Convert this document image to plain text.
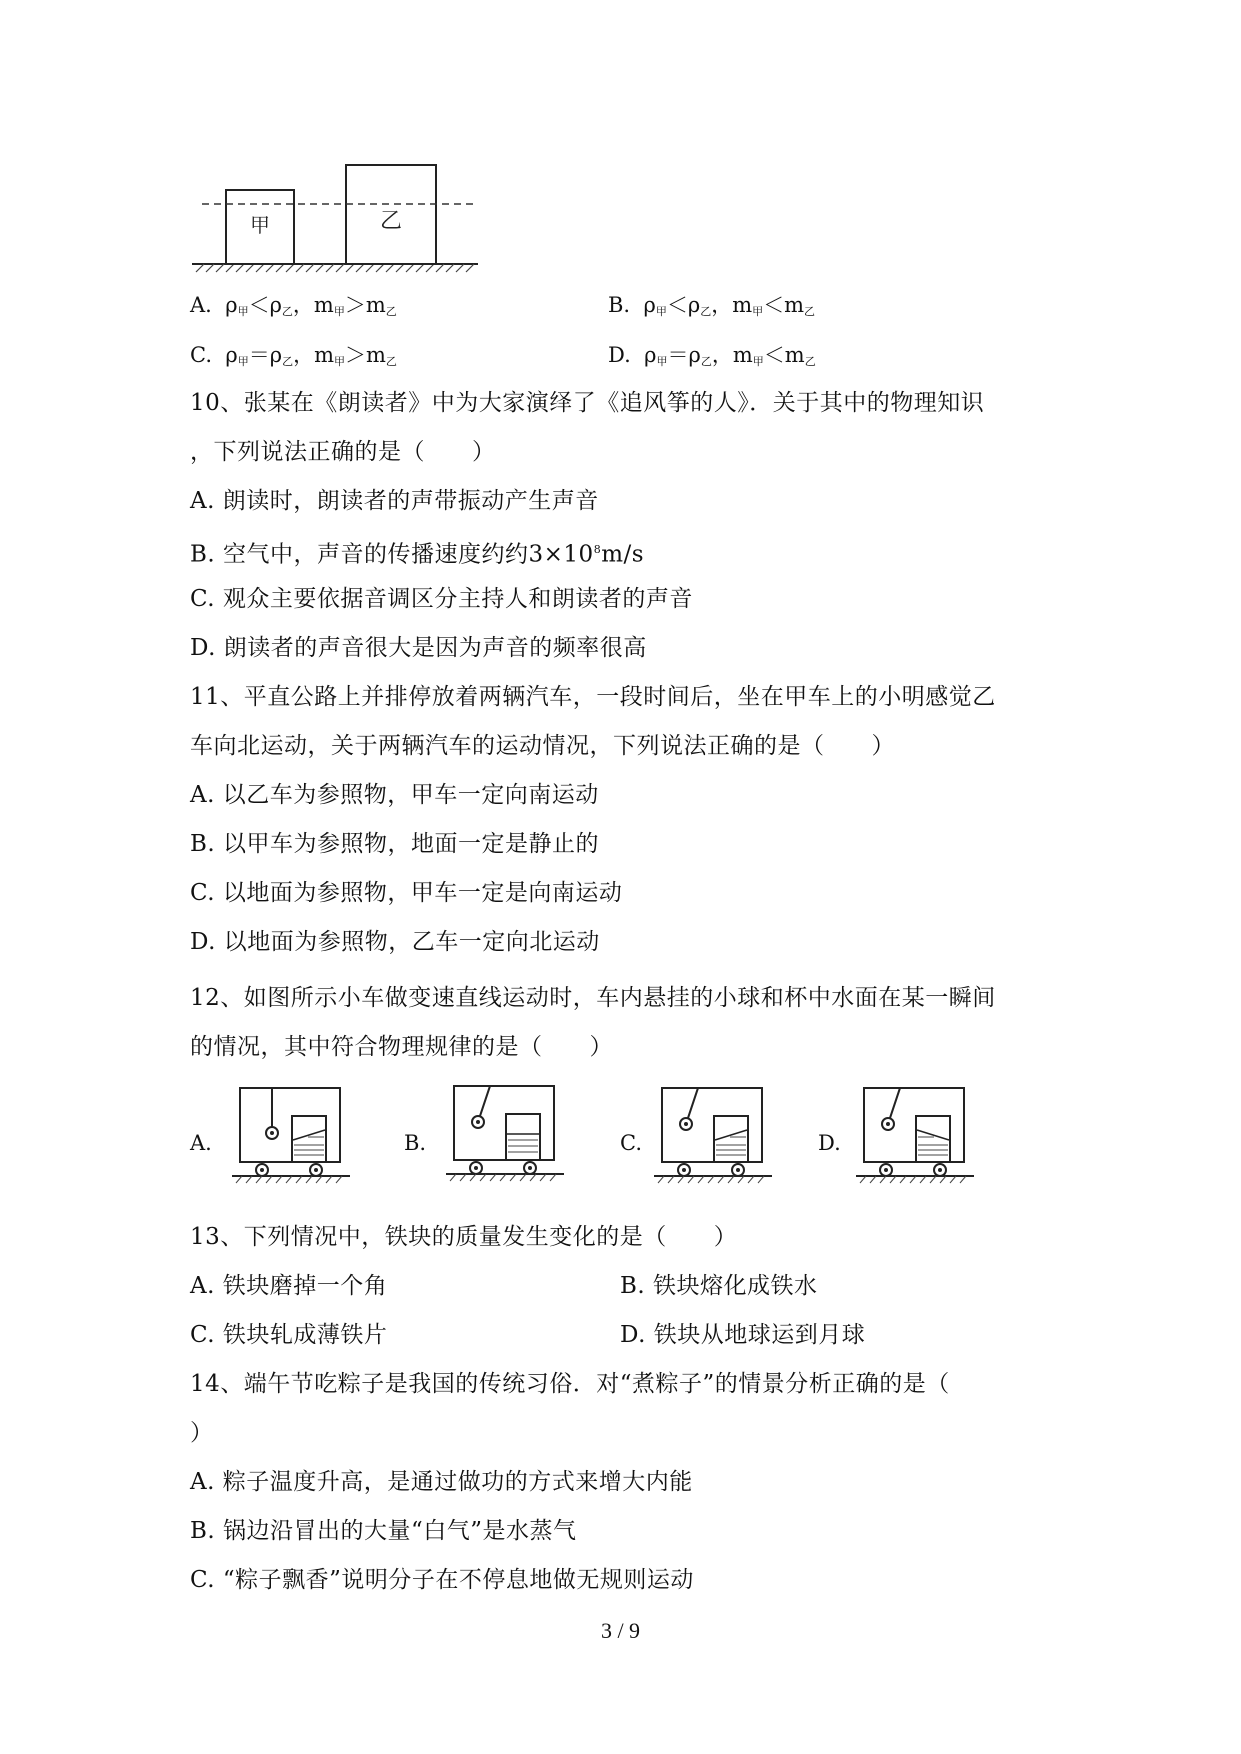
甲	乙
A. $\rho_甲<\rho_乙$，$m_甲>m_乙$	B. $\rho_甲<\rho_乙$，$m_甲<m_乙$
C. $\rho_甲=\rho_乙$，$m_甲>m_乙$	D. $\rho_甲=\rho_乙$，$m_甲<m_乙$
10、张某在《朗读者》中为大家演绎了《追风筝的人》．关于其中的物理知识
，下列说法正确的是（　　）
A. 朗读时，朗读者的声带振动产生声音
B. 空气中，声音的传播速度约约$3\times 10^8m/s$
C. 观众主要依据音调区分主持人和朗读者的声音
D. 朗读者的声音很大是因为声音的频率很高
11、平直公路上并排停放着两辆汽车，一段时间后，坐在甲车上的小明感觉乙
车向北运动，关于两辆汽车的运动情况，下列说法正确的是（　　）
A. 以乙车为参照物，甲车一定向南运动
B. 以甲车为参照物，地面一定是静止的
C. 以地面为参照物，甲车一定是向南运动
D. 以地面为参照物，乙车一定向北运动
12、如图所示小车做变速直线运动时，车内悬挂的小球和杯中水面在某一瞬间
的情况，其中符合物理规律的是（　　）
A.	B.	C.	D.
13、下列情况中，铁块的质量发生变化的是（　　）
A. 铁块磨掉一个角	B. 铁块熔化成铁水
C. 铁块轧成薄铁片	D. 铁块从地球运到月球
14、端午节吃粽子是我国的传统习俗．对“煮粽子”的情景分析正确的是（
）
A. 粽子温度升高，是通过做功的方式来增大内能
B. 锅边沿冒出的大量“白气”是水蒸气
C. “粽子飘香”说明分子在不停息地做无规则运动
3 / 9
